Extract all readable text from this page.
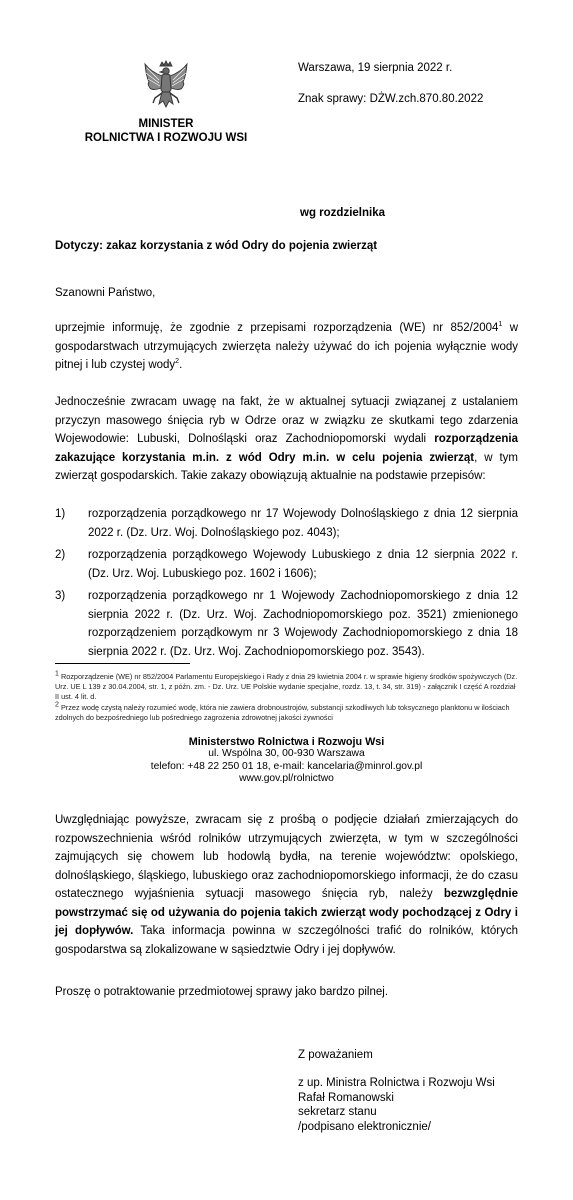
MINISTER
ROLNICTWA I ROZWOJU WSI
Warszawa, 19 sierpnia 2022 r.
Znak sprawy: DŻW.zch.870.80.2022
wg rozdzielnika
Dotyczy: zakaz korzystania z wód Odry do pojenia zwierząt
Szanowni Państwo,
uprzejmie informuję, że zgodnie z przepisami rozporządzenia (WE) nr 852/2004$^1$ w gospodarstwach utrzymujących zwierzęta należy używać do ich pojenia wyłącznie wody pitnej i lub czystej wody$^2$.
Jednocześnie zwracam uwagę na fakt, że w aktualnej sytuacji związanej z ustalaniem przyczyn masowego śnięcia ryb w Odrze oraz w związku ze skutkami tego zdarzenia Wojewodowie: Lubuski, Dolnośląski oraz Zachodniopomorski wydali rozporządzenia zakazujące korzystania m.in. z wód Odry m.in. w celu pojenia zwierząt, w tym zwierząt gospodarskich. Takie zakazy obowiązują aktualnie na podstawie przepisów:
1)	rozporządzenia porządkowego nr 17 Wojewody Dolnośląskiego z dnia 12 sierpnia 2022 r. (Dz. Urz. Woj. Dolnośląskiego poz. 4043);
2)	rozporządzenia porządkowego Wojewody Lubuskiego z dnia 12 sierpnia 2022 r. (Dz. Urz. Woj. Lubuskiego poz. 1602 i 1606);
3)	rozporządzenia porządkowego nr 1 Wojewody Zachodniopomorskiego z dnia 12 sierpnia 2022 r. (Dz. Urz. Woj. Zachodniopomorskiego poz. 3521) zmienionego rozporządzeniem porządkowym nr 3 Wojewody Zachodniopomorskiego z dnia 18 sierpnia 2022 r. (Dz. Urz. Woj. Zachodniopomorskiego poz. 3543).

$^1$ Rozporządzenie (WE) nr 852/2004 Parlamentu Europejskiego i Rady z dnia 29 kwietnia 2004 r. w sprawie higieny środków spożywczych (Dz. Urz. UE L 139 z 30.04.2004, str. 1, z późn. zm. - Dz. Urz. UE Polskie wydanie specjalne, rozdz. 13, t. 34, str. 319) - załącznik I część A rozdział II ust. 4 lit. d.

$^2$ Przez wodę czystą należy rozumieć wodę, która nie zawiera drobnoustrojów, substancji szkodliwych lub toksycznego planktonu w ilościach zdolnych do bezpośredniego lub pośredniego zagrożenia zdrowotnej jakości żywności

Ministerstwo Rolnictwa i Rozwoju Wsi
ul. Wspólna 30, 00-930 Warszawa
telefon: +48 22 250 01 18, e-mail: kancelaria@minrol.gov.pl
www.gov.pl/rolnictwo
Uwzględniając powyższe, zwracam się z prośbą o podjęcie działań zmierzających do rozpowszechnienia wśród rolników utrzymujących zwierzęta, w tym w szczególności zajmujących się chowem lub hodowlą bydła, na terenie województw: opolskiego, dolnośląskiego, śląskiego, lubuskiego oraz zachodniopomorskiego informacji, że do czasu ostatecznego wyjaśnienia sytuacji masowego śnięcia ryb, należy bezwzględnie powstrzymać się od używania do pojenia takich zwierząt wody pochodzącej z Odry i jej dopływów. Taka informacja powinna w szczególności trafić do rolników, których gospodarstwa są zlokalizowane w sąsiedztwie Odry i jej dopływów.
Proszę o potraktowanie przedmiotowej sprawy jako bardzo pilnej.
Z poważaniem
z up. Ministra Rolnictwa i Rozwoju Wsi
Rafał Romanowski
sekretarz stanu
/podpisano elektronicznie/
